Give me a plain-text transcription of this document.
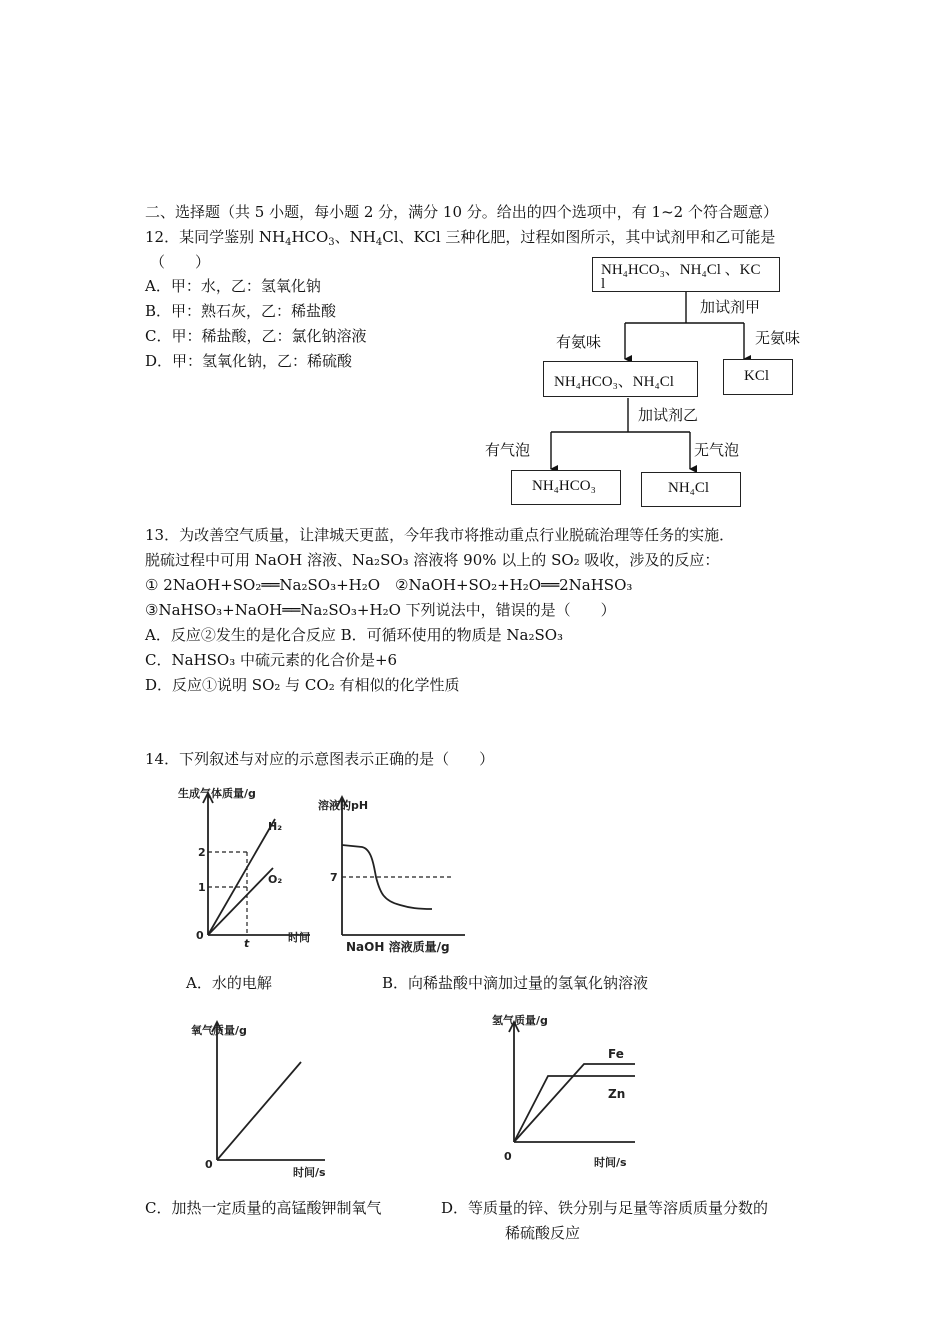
二、选择题（共 5 小题，每小题 2 分，满分 10 分。给出的四个选项中，有 1~2 个符合题意）
12．某同学鉴别 $NH_4HCO_3$、$NH_4Cl$、KCl 三种化肥，过程如图所示，其中试剂甲和乙可能是
（　　）
A．甲：水，乙：氢氧化钠
B．甲：熟石灰，乙：稀盐酸
C．甲：稀盐酸，乙：氯化钠溶液
D．甲：氢氧化钠，乙：稀硫酸
NH₄HCO₃、NH₄Cl 、KC
l
加试剂甲
有氨味	无氨味
NH₄HCO₃、NH₄Cl	KCl
加试剂乙
有气泡	无气泡
NH₄HCO₃	NH₄Cl
13．为改善空气质量，让津城天更蓝，今年我市将推动重点行业脱硫治理等任务的实施．
脱硫过程中可用 NaOH 溶液、Na₂SO₃ 溶液将 90% 以上的 SO₂ 吸收，涉及的反应：
① 2NaOH+SO₂══Na₂SO₃+H₂O　②NaOH+SO₂+H₂O══2NaHSO₃
③NaHSO₃+NaOH══Na₂SO₃+H₂O 下列说法中，错误的是（　　）
A．反应②发生的是化合反应 B．可循环使用的物质是 Na₂SO₃
C．NaHSO₃ 中硫元素的化合价是+6
D．反应①说明 SO₂ 与 CO₂ 有相似的化学性质
14．下列叙述与对应的示意图表示正确的是（　　）
生成气体质量/g
0
t
1
2
H₂
O₂
时间
溶液的pH
7
NaOH 溶液质量/g
A．水的电解	B．向稀盐酸中滴加过量的氢氧化钠溶液
氧气质量/g
0
时间/s
氢气质量/g
0
Fe
Zn
时间/s
C．加热一定质量的高锰酸钾制氧气	D．等质量的锌、铁分别与足量等溶质质量分数的
稀硫酸反应
